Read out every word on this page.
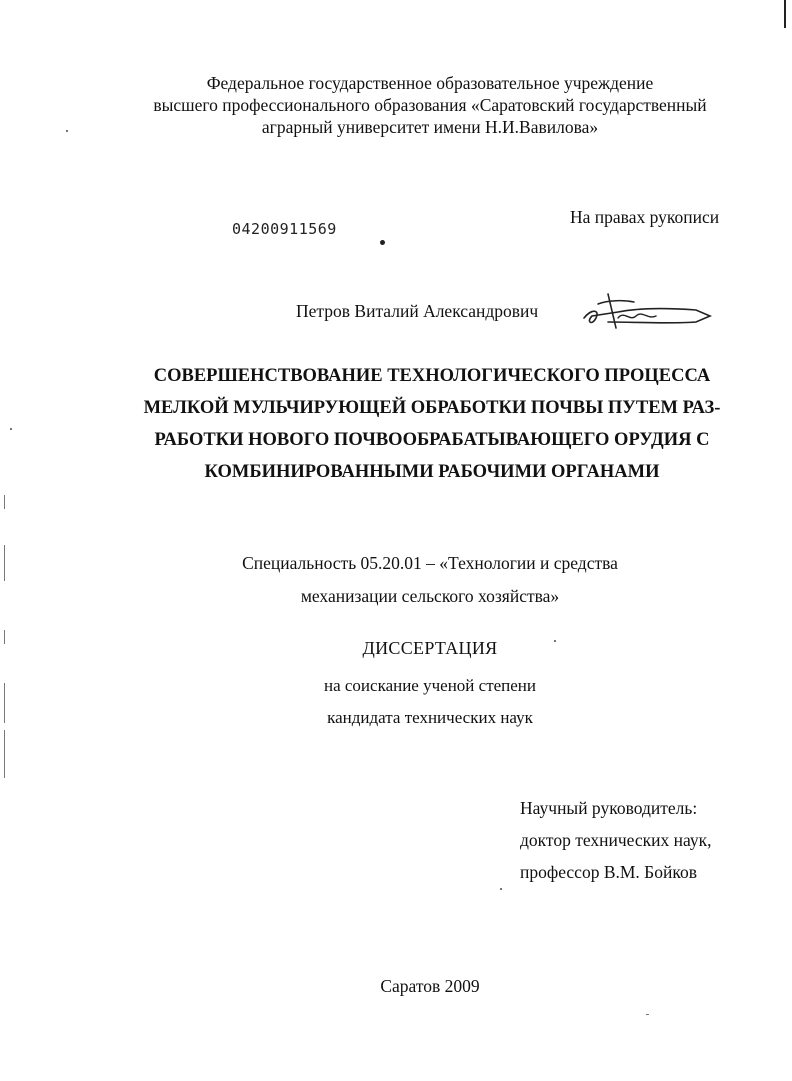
Федеральное государственное образовательное учреждение
высшего профессионального образования «Саратовский государственный
аграрный университет имени Н.И.Вавилова»
04200911569
На правах рукописи
Петров Виталий Александрович
СОВЕРШЕНСТВОВАНИЕ ТЕХНОЛОГИЧЕСКОГО ПРОЦЕССА
МЕЛКОЙ МУЛЬЧИРУЮЩЕЙ ОБРАБОТКИ ПОЧВЫ ПУТЕМ РАЗ-
РАБОТКИ НОВОГО ПОЧВООБРАБАТЫВАЮЩЕГО ОРУДИЯ С
КОМБИНИРОВАННЫМИ РАБОЧИМИ ОРГАНАМИ
Специальность 05.20.01 – «Технологии и средства
механизации сельского хозяйства»
ДИССЕРТАЦИЯ
на соискание ученой степени
кандидата технических наук
Научный руководитель:
доктор технических наук,
профессор В.М. Бойков
Саратов 2009
